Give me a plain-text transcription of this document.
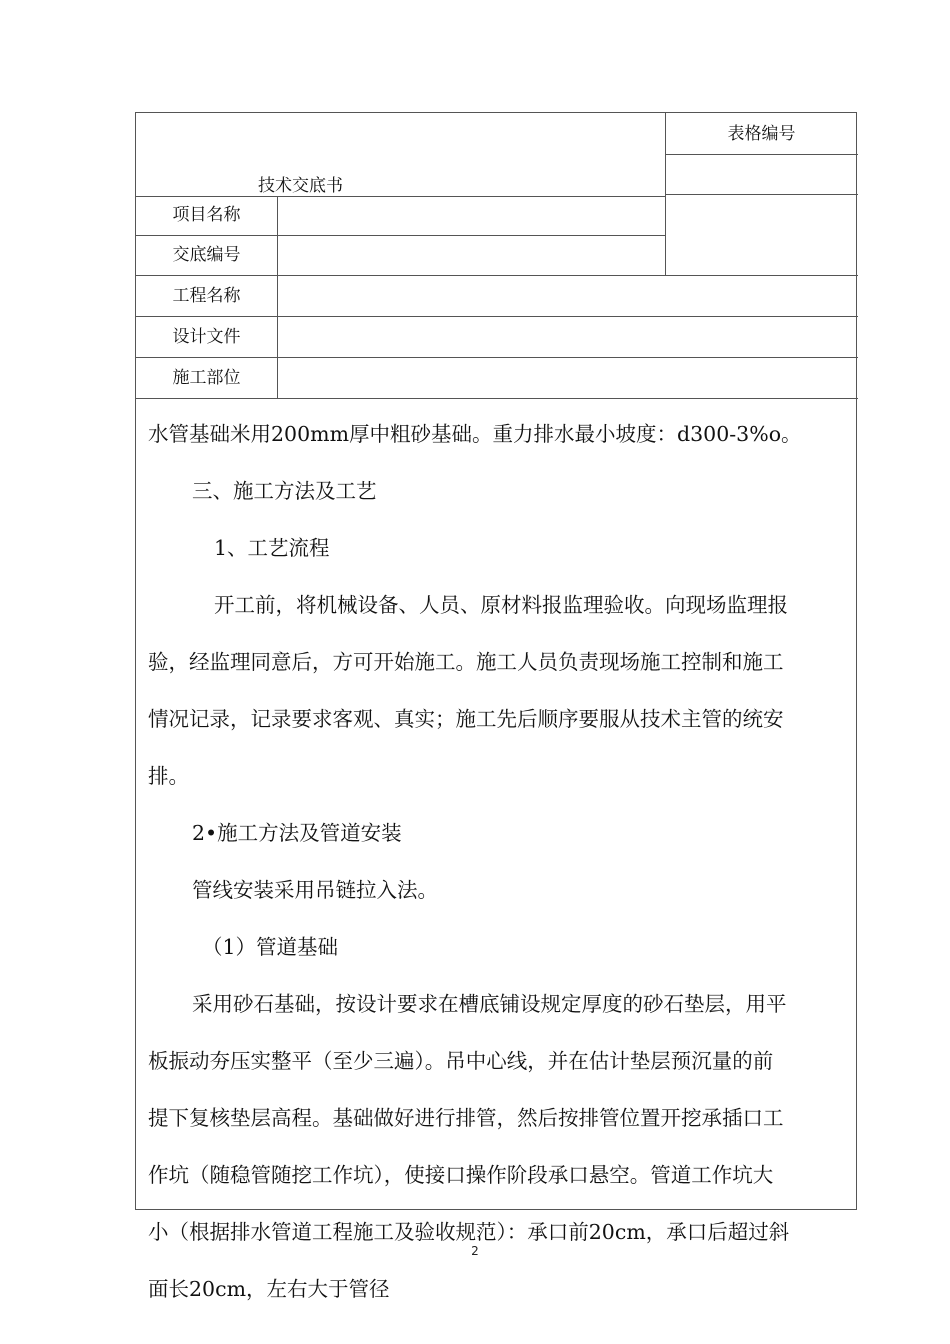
技术交底书
表格编号
项目名称
交底编号
工程名称
设计文件
施工部位
水管基础米用200mm厚中粗砂基础。重力排水最小坡度：d300-3%o。
三、施工方法及工艺
1、工艺流程
开工前，将机械设备、人员、原材料报监理验收。向现场监理报
验，经监理同意后，方可开始施工。施工人员负责现场施工控制和施工
情况记录，记录要求客观、真实；施工先后顺序要服从技术主管的统安
排。
2•施工方法及管道安装
管线安装采用吊链拉入法。
（1）管道基础
采用砂石基础，按设计要求在槽底铺设规定厚度的砂石垫层，用平
板振动夯压实整平（至少三遍）。吊中心线，并在估计垫层预沉量的前
提下复核垫层高程。基础做好进行排管，然后按排管位置开挖承插口工
作坑（随稳管随挖工作坑），使接口操作阶段承口悬空。管道工作坑大
小（根据排水管道工程施工及验收规范）：承口前20cm，承口后超过斜
面长20cm，左右大于管径
2
